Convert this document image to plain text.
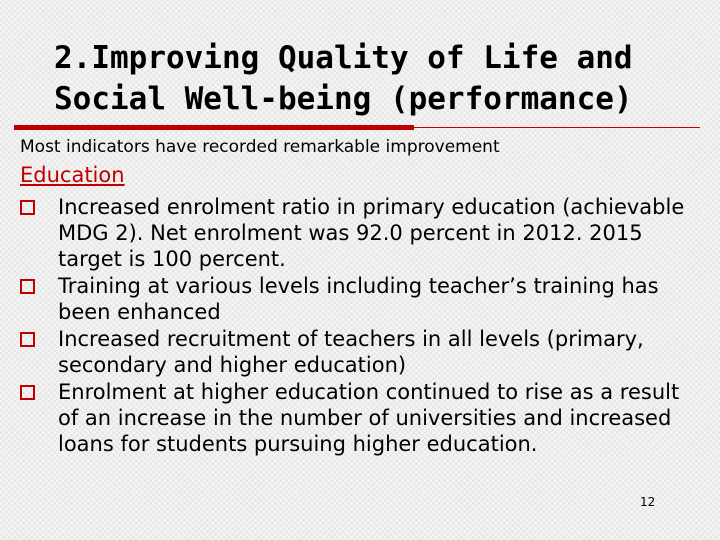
2.Improving Quality of Life and Social Well-being (performance)
Most indicators have recorded remarkable improvement
Education
Increased enrolment ratio in primary education (achievable MDG 2). Net enrolment was 92.0 percent in 2012. 2015 target is 100 percent.
Training at various levels including teacher’s training has been enhanced
Increased recruitment of teachers in all levels (primary, secondary and higher education)
Enrolment at higher education continued to rise as a result of an increase in the number of universities and increased loans for students pursuing higher education.
12
